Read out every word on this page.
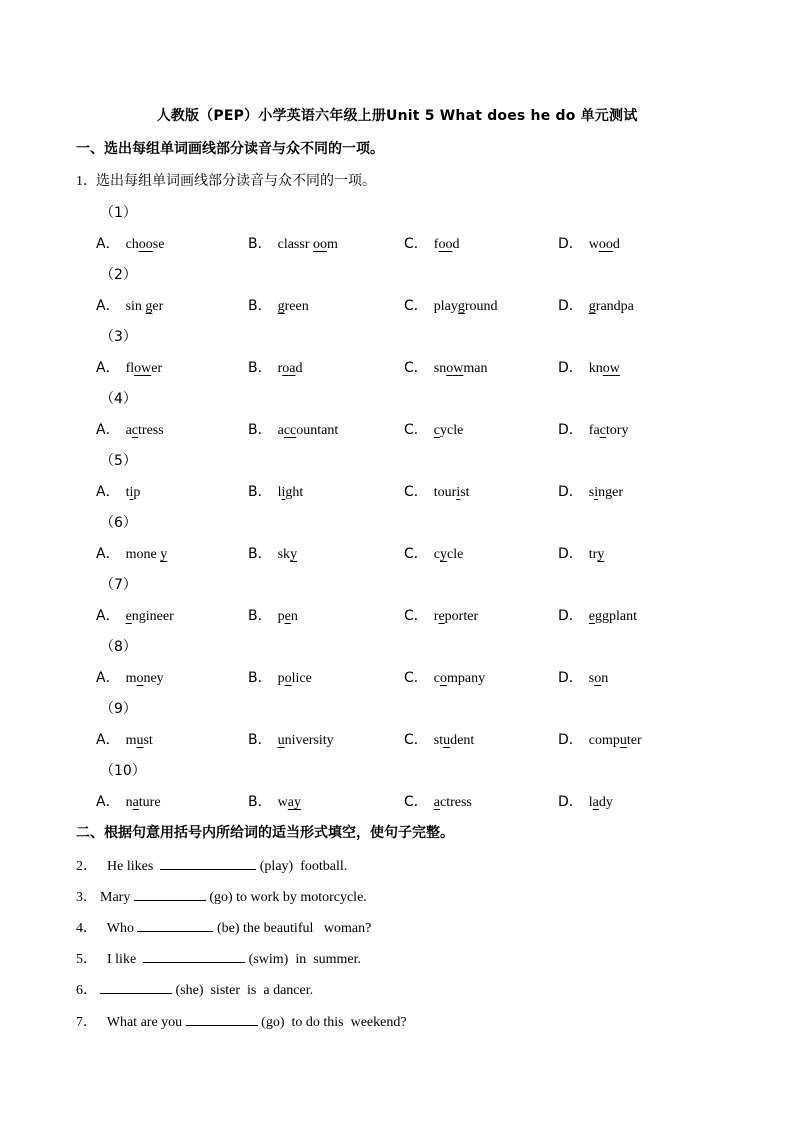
人教版（PEP）小学英语六年级上册Unit 5 What does he do 单元测试
一、选出每组单词画线部分读音与众不同的一项。
1．选出每组单词画线部分读音与众不同的一项。
（1）
A． choose	B． classr oom	C． food	D． wood
（2）
A． sin ger	B． green	C． playground	D． grandpa
（3）
A． flower	B． road	C． snowman	D． know
（4）
A． actress	B． accountant	C． cycle	D． factory
（5）
A． tip	B． light	C． tourist	D． singer
（6）
A． mone y	B． sky	C． cycle	D． try
（7）
A． engineer	B． pen	C． reporter	D． eggplant
（8）
A． money	B． police	C． company	D． son
（9）
A． must	B． university	C． student	D． computer
（10）
A． nature	B． way	C． actress	D． lady
二、根据句意用括号内所给词的适当形式填空，使句子完整。
2．  He likes	(play)  football.
3． Mary	(go) to work by motorcycle.
4．  Who	(be) the beautiful   woman?
5．  I like	(swim)  in  summer.
6．	(she)  sister  is  a dancer.
7．  What are you	(go)  to do this  weekend?
